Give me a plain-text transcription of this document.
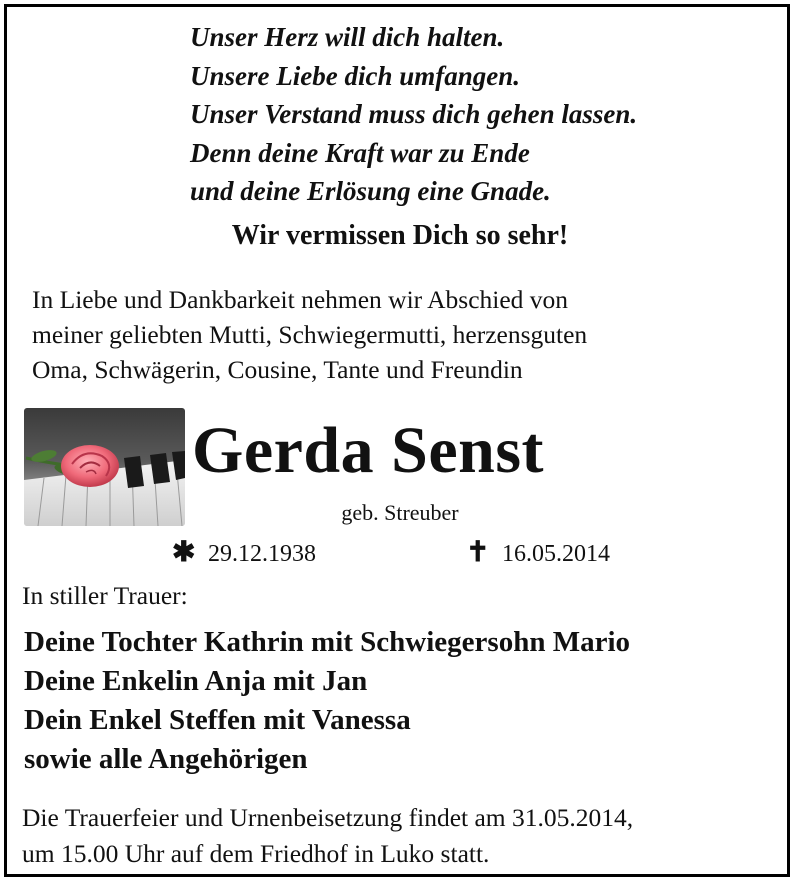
Unser Herz will dich halten.
Unsere Liebe dich umfangen.
Unser Verstand muss dich gehen lassen.
Denn deine Kraft war zu Ende
und deine Erlösung eine Gnade.
Wir vermissen Dich so sehr!
In Liebe und Dankbarkeit nehmen wir Abschied von
meiner geliebten Mutti, Schwiegermutti, herzensguten
Oma, Schwägerin, Cousine, Tante und Freundin
Gerda Senst
geb. Streuber
✱ 29.12.1938	✝ 16.05.2014
In stiller Trauer:
Deine Tochter Kathrin mit Schwiegersohn Mario
Deine Enkelin Anja mit Jan
Dein Enkel Steffen mit Vanessa
sowie alle Angehörigen
Die Trauerfeier und Urnenbeisetzung findet am 31.05.2014,
um 15.00 Uhr auf dem Friedhof in Luko statt.
